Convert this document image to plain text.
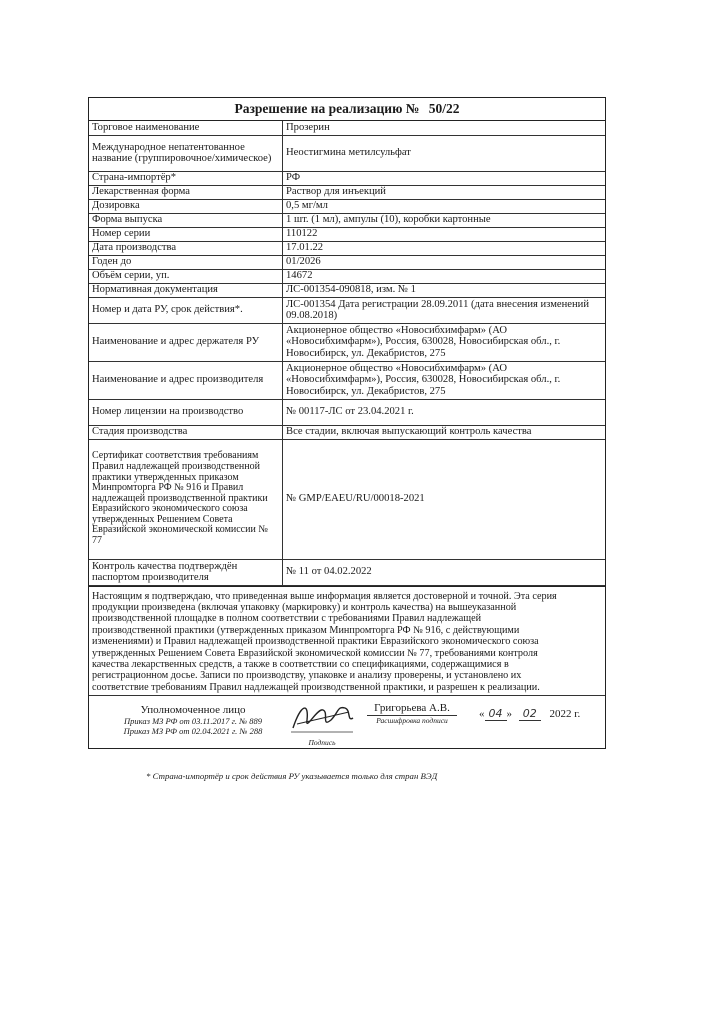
Разрешение на реализацию № 50/22
Торговое наименование	Прозерин
Международное непатентованное название (группировочное/химическое)	Неостигмина метилсульфат
Страна-импортёр*	РФ
Лекарственная форма	Раствор для инъекций
Дозировка	0,5 мг/мл
Форма выпуска	1 шт. (1 мл), ампулы (10), коробки картонные
Номер серии	110122
Дата производства	17.01.22
Годен до	01/2026
Объём серии, уп.	14672
Нормативная документация	ЛС-001354-090818, изм. № 1
Номер и дата РУ, срок действия*.	ЛС-001354 Дата регистрации 28.09.2011 (дата внесения изменений 09.08.2018)
Наименование и адрес держателя РУ	Акционерное общество «Новосибхимфарм» (АО «Новосибхимфарм»), Россия, 630028, Новосибирская обл., г. Новосибирск, ул. Декабристов, 275
Наименование и адрес производителя	Акционерное общество «Новосибхимфарм» (АО «Новосибхимфарм»), Россия, 630028, Новосибирская обл., г. Новосибирск, ул. Декабристов, 275
Номер лицензии на производство	№ 00117-ЛС от 23.04.2021 г.
Стадия производства	Все стадии, включая выпускающий контроль качества
Сертификат соответствия требованиям Правил надлежащей производственной практики утвержденных приказом Минпромторга РФ № 916 и Правил надлежащей производственной практики Евразийского экономического союза утвержденных Решением Совета Евразийской экономической комиссии № 77	№ GMP/EAEU/RU/00018-2021
Контроль качества подтверждён паспортом производителя	№ 11 от 04.02.2022
Настоящим я подтверждаю, что приведенная выше информация является достоверной и точной. Эта серия
продукции произведена (включая упаковку (маркировку) и контроль качества) на вышеуказанной
производственной площадке в полном соответствии с требованиями Правил надлежащей
производственной практики (утвержденных приказом Минпромторга РФ № 916, с действующими
изменениями) и Правил надлежащей производственной практики Евразийского экономического союза
утвержденных Решением Совета Евразийской экономической комиссии № 77, требованиями контроля
качества лекарственных средств, а также в соответствии со спецификациями, содержащимися в
регистрационном досье. Записи по производству, упаковке и анализу проверены, и установлено их
соответствие требованиям Правил надлежащей производственной практики, и разрешен к реализации.
Уполномоченное лицо
Приказ МЗ РФ от 03.11.2017 г. № 889
Приказ МЗ РФ от 02.04.2021 г. № 288
Подпись
Григорьева А.В.
Расшифровка подписи
« 04 » 02 2022 г.
* Страна-импортёр и срок действия РУ указывается только для стран ВЭД
